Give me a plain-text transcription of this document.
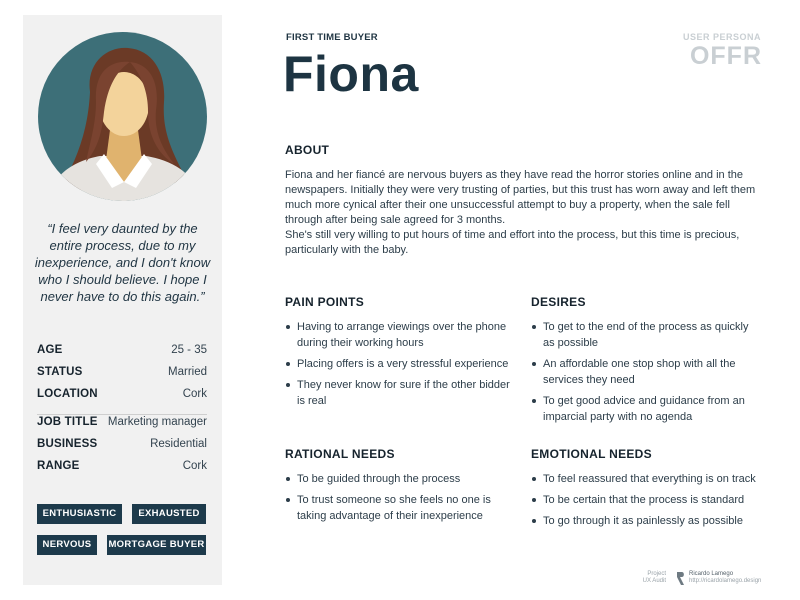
“I feel very daunted by the entire process, due to my inexperience, and I don't know who I should believe. I hope I never have to do this again.”
AGE	25 - 35
STATUS	Married
LOCATION	Cork
JOB TITLE Marketing manager
BUSINESS	Residential
RANGE	Cork
ENTHUSIASTIC	EXHAUSTED
NERVOUS	MORTGAGE BUYER
FIRST TIME BUYER
Fiona
USER PERSONA
OFFR
ABOUT

Fiona and her fiancé are nervous buyers as they have read the horror stories online and in the newspapers. Initially they were very trusting of parties, but this trust has worn away and left them much more cynical after their one unsuccessful attempt to buy a property, when the sale fell through after being sale agreed for 3 months.

She's still very willing to put hours of time and effort into the process, but this time is precious, particularly with the baby.

PAIN POINTS
Having to arrange viewings over the phone during their working hours
Placing offers is a very stressful experience
They never know for sure if the other bidder is real
DESIRES
To get to the end of the process as quickly as possible
An affordable one stop shop with all the services they need
To get good advice and guidance from an imparcial party with no agenda
RATIONAL NEEDS
To be guided through the process
To trust someone so she feels no one is taking advantage of their inexperience
EMOTIONAL NEEDS
To feel reassured that everything is on track
To be certain that the process is standard
To go through it as painlessly as possible
Project
UX Audit
Ricardo Lamego
http://ricardolamego.design
